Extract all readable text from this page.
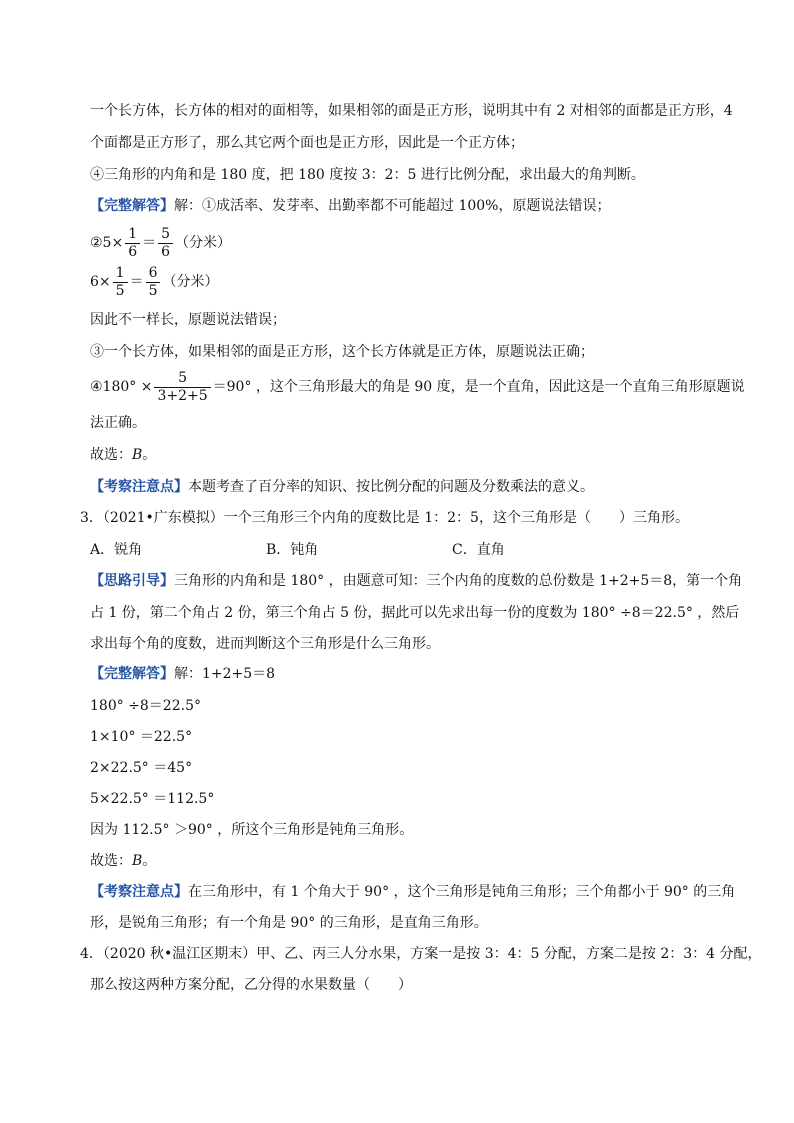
一个长方体，长方体的相对的面相等，如果相邻的面是正方形，说明其中有 2 对相邻的面都是正方形，4
个面都是正方形了，那么其它两个面也是正方形，因此是一个正方体；
④三角形的内角和是 180 度，把 180 度按 3：2：5 进行比例分配，求出最大的角判断。
【完整解答】解：①成活率、发芽率、出勤率都不可能超过 100%，原题说法错误；
②5× $\frac{1}{6} = \frac{5}{6}$ （分米）
$6\times \frac{1}{5} = \frac{6}{5}$ （分米）
因此不一样长，原题说法错误；
③一个长方体，如果相邻的面是正方形，这个长方体就是正方体，原题说法正确；
④180° × $\frac{5}{3+2+5} =90^\circ$ ，这个三角形最大的角是 90 度，是一个直角，因此这是一个直角三角形原题说
法正确。
故选：B。
【考察注意点】本题考查了百分率的知识、按比例分配的问题及分数乘法的意义。
3．（2021•广东模拟）一个三角形三个内角的度数比是 1：2：5，这个三角形是（　　）三角形。
A．锐角	B．钝角	C．直角
【思路引导】三角形的内角和是 180° ，由题意可知：三个内角的度数的总份数是 1+2+5＝8，第一个角
占 1 份，第二个角占 2 份，第三个角占 5 份，据此可以先求出每一份的度数为 180° ÷8＝22.5° ，然后
求出每个角的度数，进而判断这个三角形是什么三角形。
【完整解答】解：1+2+5＝8
180° ÷8＝22.5°
1×10° ＝22.5°
2×22.5° ＝45°
5×22.5° ＝112.5°
因为 112.5° ＞90° ，所这个三角形是钝角三角形。
故选：B。
【考察注意点】在三角形中，有 1 个角大于 90° ，这个三角形是钝角三角形；三个角都小于 90° 的三角
形，是锐角三角形；有一个角是 90° 的三角形，是直角三角形。
4．（2020 秋•温江区期末）甲、乙、丙三人分水果，方案一是按 3：4：5 分配，方案二是按 2：3：4 分配，
那么按这两种方案分配，乙分得的水果数量（　　）
